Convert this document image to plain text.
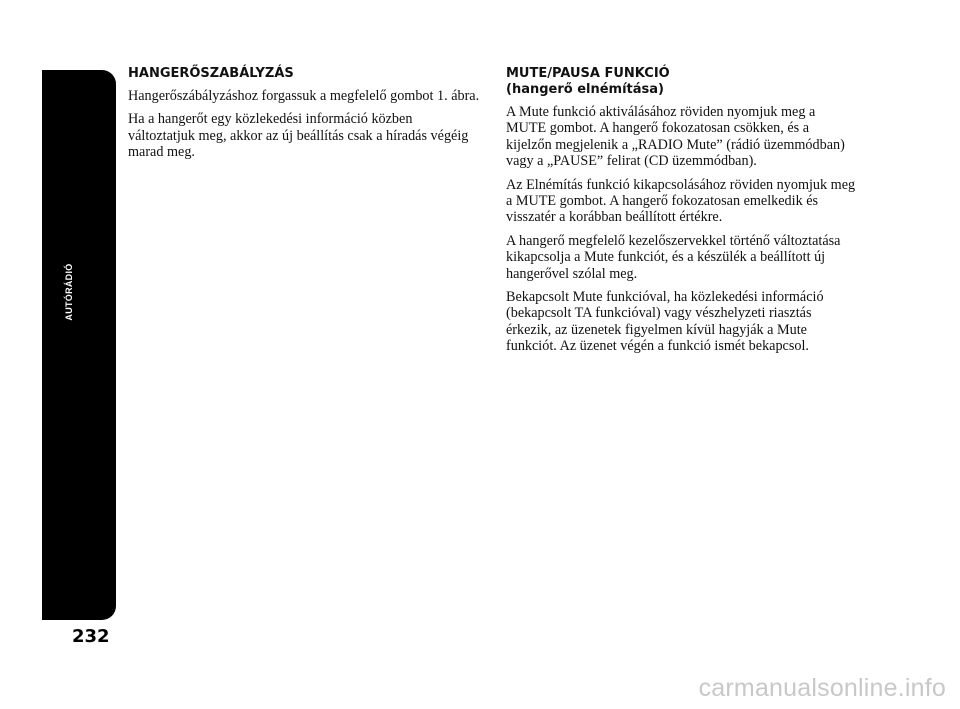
AUTÓRÁDIÓ
232
HANGERŐSZABÁLYZÁS

Hangerőszábályzáshoz forgassuk a megfelelő gombot 1. ábra.

Ha a hangerőt egy közlekedési információ közben változtatjuk meg, akkor az új beállítás csak a híradás végéig marad meg.

MUTE/PAUSA FUNKCIÓ
(hangerő elnémítása)

A Mute funkció aktiválásához röviden nyomjuk meg a MUTE gombot. A hangerő fokozatosan csökken, és a kijelzőn megjelenik a „RADIO Mute” (rádió üzemmódban) vagy a „PAUSE” felirat (CD üzemmódban).

Az Elnémítás funkció kikapcsolásához röviden nyomjuk meg a MUTE gombot. A hangerő fokozatosan emelkedik és visszatér a korábban beállított értékre.

A hangerő megfelelő kezelőszervekkel történő változtatása kikapcsolja a Mute funkciót, és a készülék a beállított új hangerővel szólal meg.

Bekapcsolt Mute funkcióval, ha közlekedési információ (bekapcsolt TA funkcióval) vagy vészhelyzeti riasztás érkezik, az üzenetek figyelmen kívül hagyják a Mute funkciót. Az üzenet végén a funkció ismét bekapcsol.

carmanualsonline.info
